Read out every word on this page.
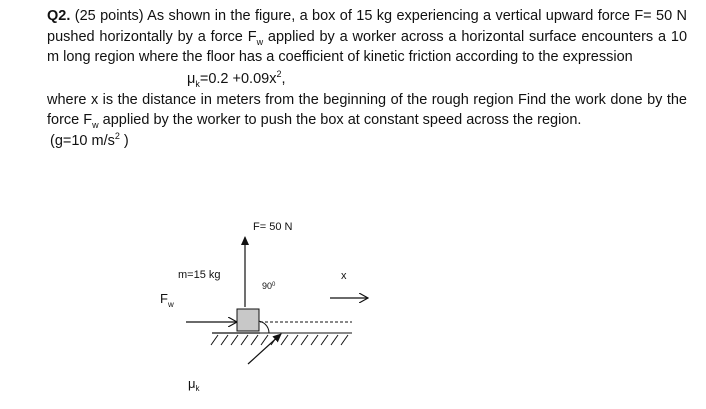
Q2. (25 points) As shown in the figure, a box of 15 kg experiencing a vertical upward force F= 50 N pushed horizontally by a force $F_w$ applied by a worker across a horizontal surface encounters a 10 m long region where the floor has a coefficient of kinetic friction according to the expression

$\mu_k=0.2 +0.09x^2$,

where x is the distance in meters from the beginning of the rough region Find the work done by the force $F_w$ applied by the worker to push the box at constant speed across the region.

(g=10 $m/s^2$ )

F= 50 N
m=15 kg
$90^0$
x
$F_w$
$\mu_k$
